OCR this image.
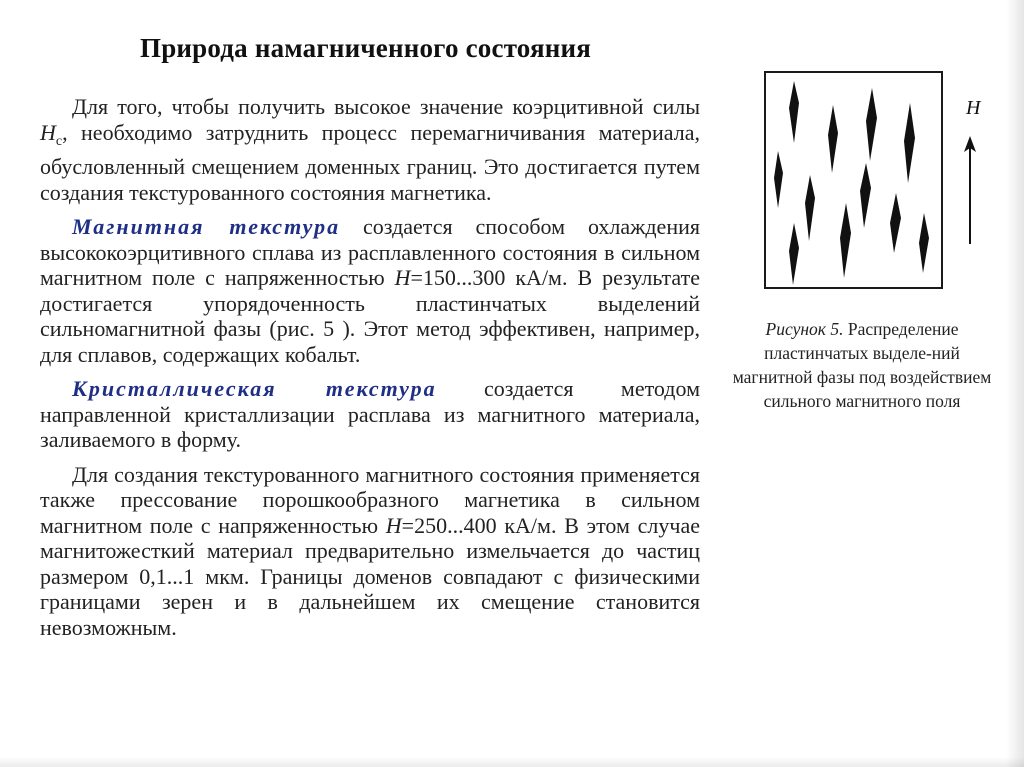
Природа намагниченного состояния

Для того, чтобы получить высокое значение коэрцитивной силы $H_c$, необходимо затруднить процесс перемагничивания материала, обусловленный смещением доменных границ. Это достигается путем создания текстурованного состояния магнетика.

Магнитная текстура создается способом охлаждения высококоэрцитивного сплава из расплавленного состояния в сильном магнитном поле с напряженностью H=150...300 кА/м. В результате достигается упорядоченность пластинчатых выделений сильномагнитной фазы (рис. 5 ). Этот метод эффективен, например, для сплавов, содержащих кобальт.

Кристаллическая текстура создается методом направленной кристаллизации расплава из магнитного материала, заливаемого в форму.

Для создания текстурованного магнитного состояния применяется также прессование порошкообразного магнетика в сильном магнитном поле с напряженностью H=250...400 кА/м. В этом случае магнитожесткий материал предварительно измельчается до частиц размером 0,1...1 мкм. Границы доменов совпадают с физическими границами зерен и в дальнейшем их смещение становится невозможным.

H
Рисунок 5. Распределение пластинчатых выделе-ний магнитной фазы под воздействием сильного магнитного поля
